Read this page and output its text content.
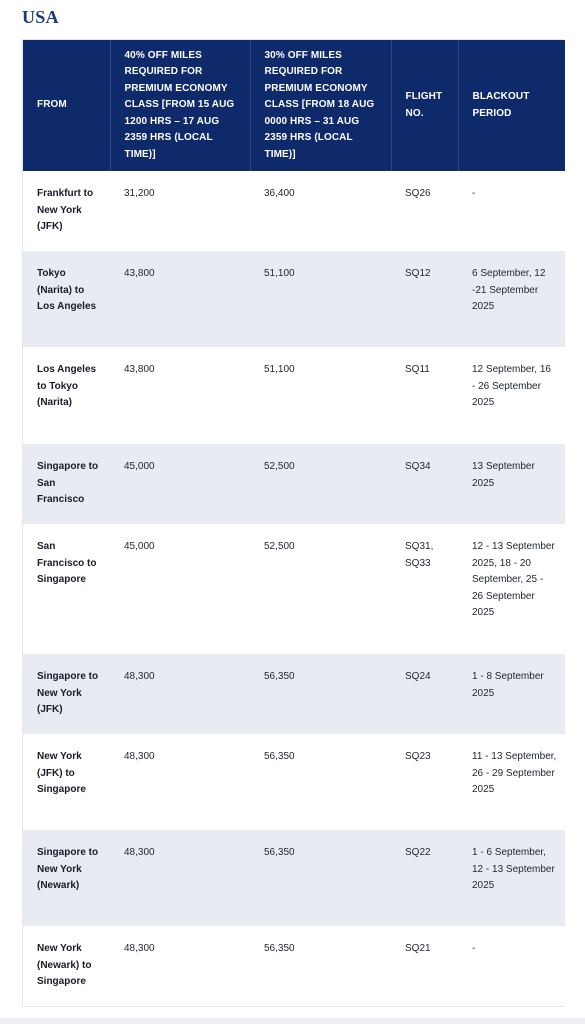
USA
FROM	40% OFF MILES REQUIRED FOR PREMIUM ECONOMY CLASS [FROM 15 AUG 1200 HRS – 17 AUG 2359 HRS (LOCAL TIME)]	30% OFF MILES REQUIRED FOR PREMIUM ECONOMY CLASS [FROM 18 AUG 0000 HRS – 31 AUG 2359 HRS (LOCAL TIME)]	FLIGHT NO.	BLACKOUT PERIOD
Frankfurt to New York (JFK)	31,200	36,400	SQ26	-
Tokyo (Narita) to Los Angeles	43,800	51,100	SQ12	6 September, 12 -21 September 2025
Los Angeles to Tokyo (Narita)	43,800	51,100	SQ11	12 September, 16 - 26 September 2025
Singapore to San Francisco	45,000	52,500	SQ34	13 September 2025
San Francisco to Singapore	45,000	52,500	SQ31, SQ33	12 - 13 September 2025, 18 - 20 September, 25 - 26 September 2025
Singapore to New York (JFK)	48,300	56,350	SQ24	1 - 8 September 2025
New York (JFK) to Singapore	48,300	56,350	SQ23	11 - 13 September, 26 - 29 September 2025
Singapore to New York (Newark)	48,300	56,350	SQ22	1 - 6 September, 12 - 13 September 2025
New York (Newark) to Singapore	48,300	56,350	SQ21	-
